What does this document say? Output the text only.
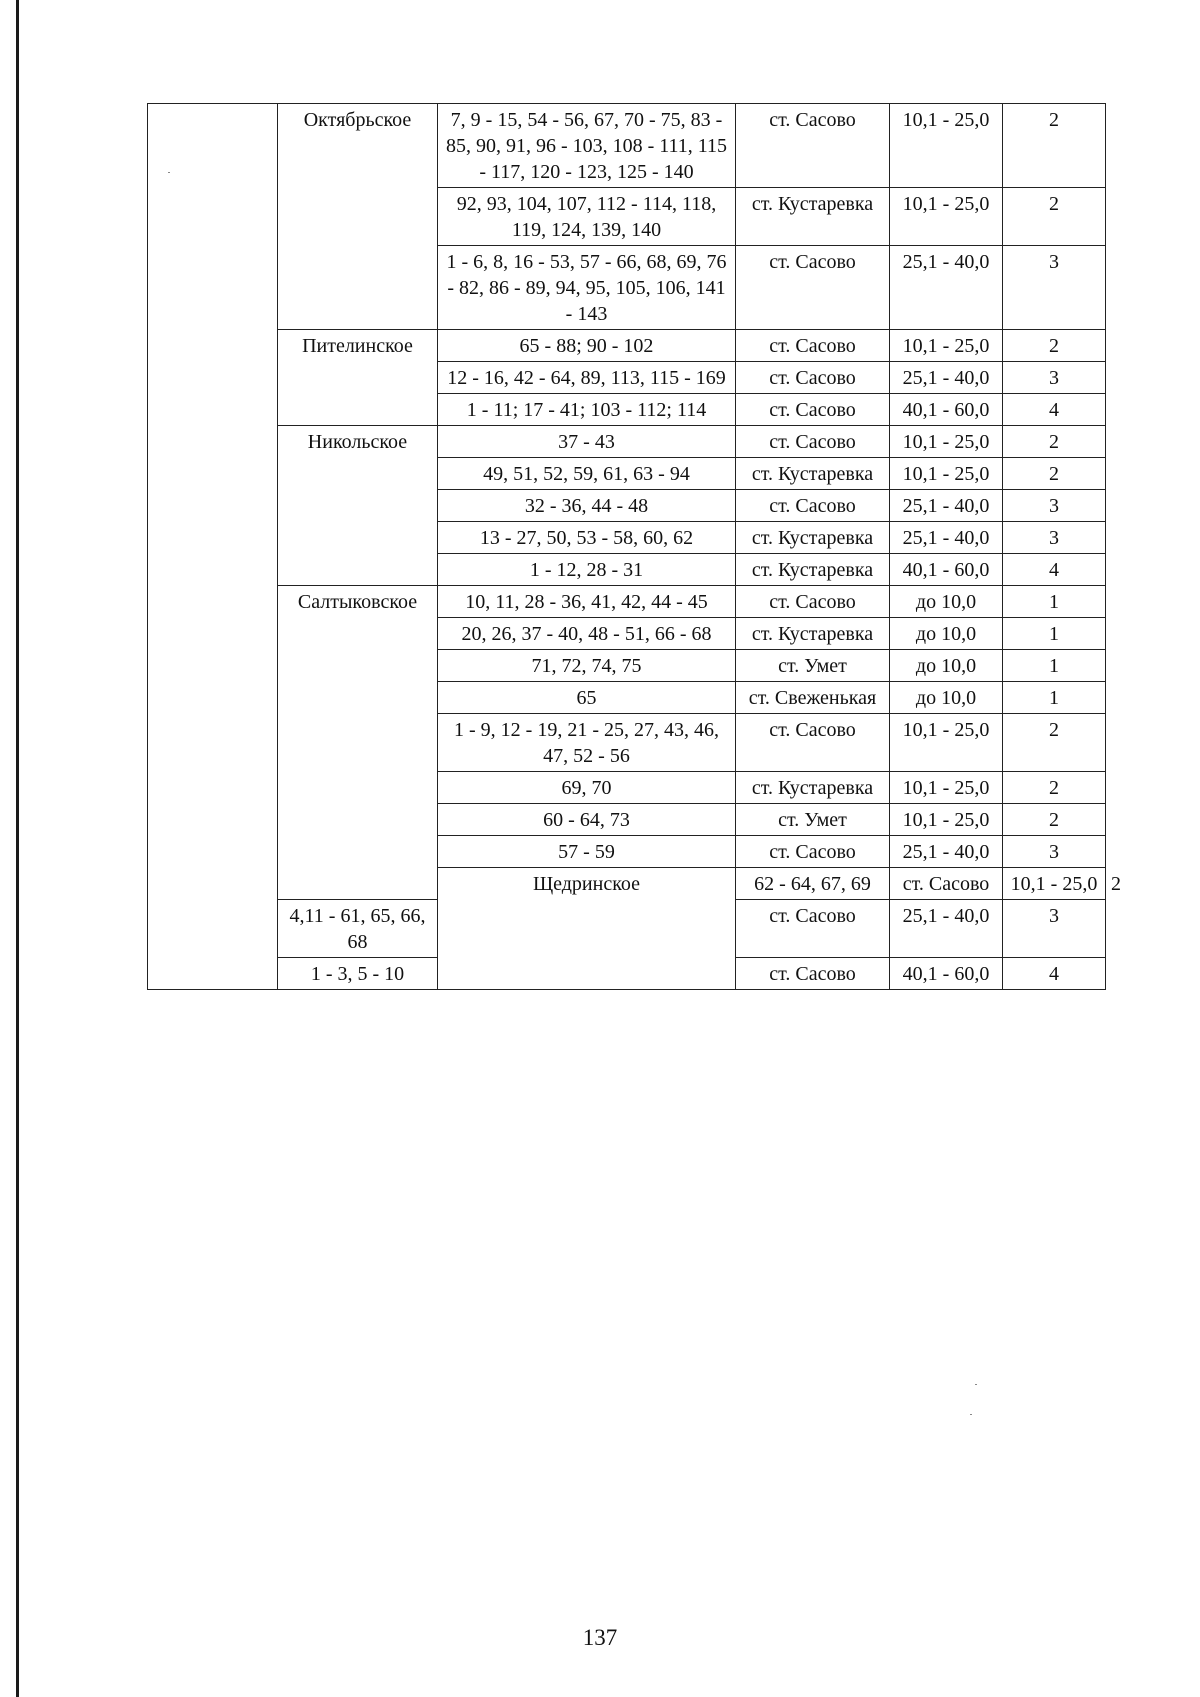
	Октябрьское	7, 9 - 15, 54 - 56, 67, 70 - 75, 83 - 85, 90, 91, 96 - 103, 108 - 111, 115 - 117, 120 - 123, 125 - 140	ст. Сасово	10,1 - 25,0	2	
		92, 93, 104, 107, 112 - 114, 118, 119, 124, 139, 140	ст. Кустаревка	10,1 - 25,0	2	
		1 - 6, 8, 16 - 53, 57 - 66, 68, 69, 76 - 82, 86 - 89, 94, 95, 105, 106, 141 - 143	ст. Сасово	25,1 - 40,0	3	
	Пителинское	65 - 88; 90 - 102	ст. Сасово	10,1 - 25,0	2	
		12 - 16, 42 - 64, 89, 113, 115 - 169	ст. Сасово	25,1 - 40,0	3	
		1 - 11; 17 - 41; 103 - 112; 114	ст. Сасово	40,1 - 60,0	4	
	Никольское	37 - 43	ст. Сасово	10,1 - 25,0	2	
		49, 51, 52, 59, 61, 63 - 94	ст. Кустаревка	10,1 - 25,0	2	
		32 - 36, 44 - 48	ст. Сасово	25,1 - 40,0	3	
		13 - 27, 50, 53 - 58, 60, 62	ст. Кустаревка	25,1 - 40,0	3	
		1 - 12, 28 - 31	ст. Кустаревка	40,1 - 60,0	4	
	Салтыковское	10, 11, 28 - 36, 41, 42, 44 - 45	ст. Сасово	до 10,0	1	
		20, 26, 37 - 40, 48 - 51, 66 - 68	ст. Кустаревка	до 10,0	1	
		71, 72, 74, 75	ст. Умет	до 10,0	1	
		65	ст. Свеженькая	до 10,0	1	
		1 - 9, 12 - 19, 21 - 25, 27, 43, 46, 47, 52 - 56	ст. Сасово	10,1 - 25,0	2	
		69, 70	ст. Кустаревка	10,1 - 25,0	2	
		60 - 64, 73	ст. Умет	10,1 - 25,0	2	
		57 - 59	ст. Сасово	25,1 - 40,0	3	
		Щедринское	62 - 64, 67, 69	ст. Сасово	10,1 - 25,0	2
	4,11 - 61, 65, 66, 68		ст. Сасово	25,1 - 40,0	3	
	1 - 3, 5 - 10		ст. Сасово	40,1 - 60,0	4	
137
